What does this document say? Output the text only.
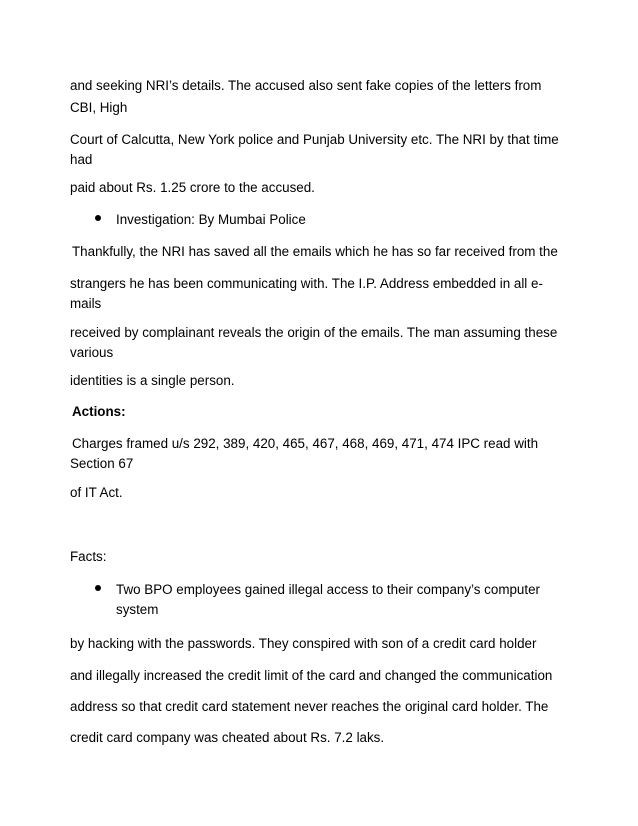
and seeking NRI’s details. The accused also sent fake copies of the letters from
CBI, High
Court of Calcutta, New York police and Punjab University etc. The NRI by that time
had
paid about Rs. 1.25 crore to the accused.
Investigation: By Mumbai Police
Thankfully, the NRI has saved all the emails which he has so far received from the
strangers he has been communicating with. The I.P. Address embedded in all e-
mails
received by complainant reveals the origin of the emails. The man assuming these
various
identities is a single person.
Actions:
Charges framed u/s 292, 389, 420, 465, 467, 468, 469, 471, 474 IPC read with
Section 67
of IT Act.
Facts:
Two BPO employees gained illegal access to their company’s computer
system
by hacking with the passwords. They conspired with son of a credit card holder
and illegally increased the credit limit of the card and changed the communication
address so that credit card statement never reaches the original card holder. The
credit card company was cheated about Rs. 7.2 laks.
